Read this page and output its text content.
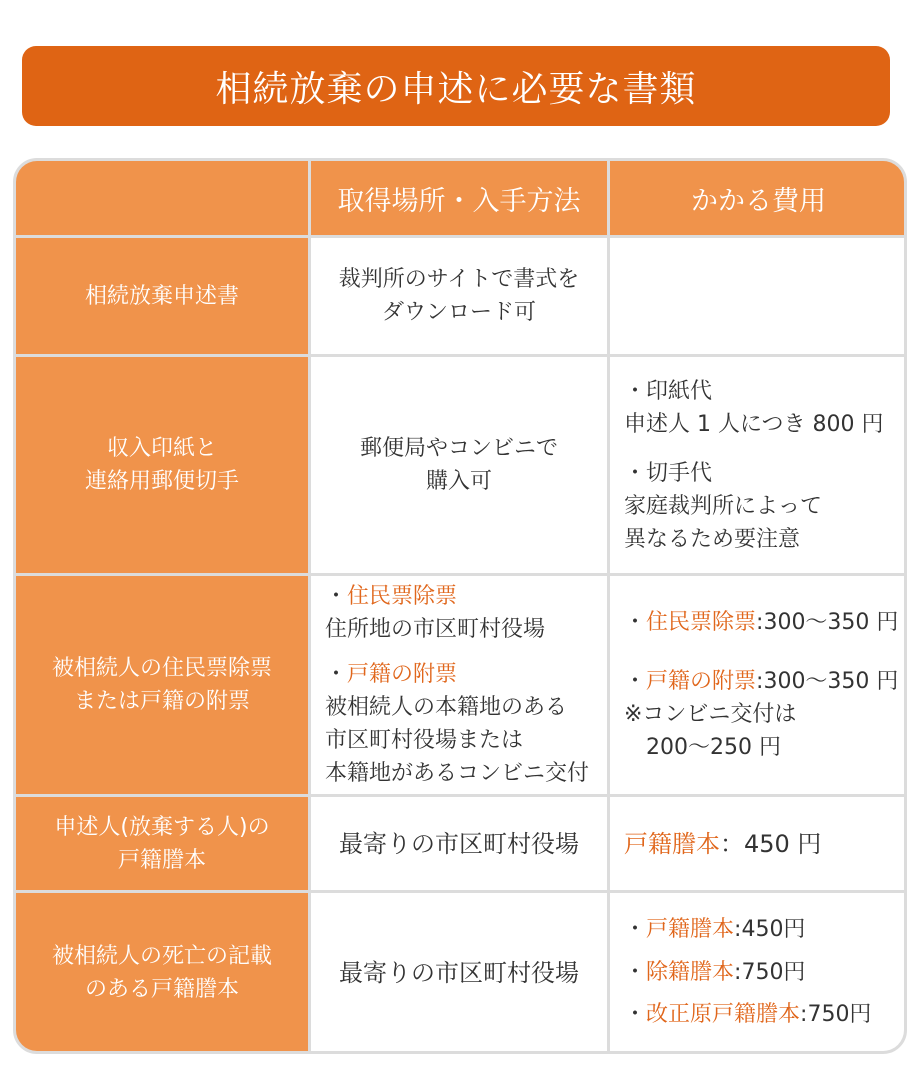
相続放棄の申述に必要な書類
取得場所・入手方法	かかる費用
相続放棄申述書
裁判所のサイトで書式を
ダウンロード可
収入印紙と
連絡用郵便切手
郵便局やコンビニで
購入可
・印紙代
申述人 1 人につき 800 円
・切手代
家庭裁判所によって
異なるため要注意
被相続人の住民票除票
または戸籍の附票
・住民票除票
住所地の市区町村役場
・戸籍の附票
被相続人の本籍地のある
市区町村役場または
本籍地があるコンビニ交付
・住民票除票:300〜350 円
・戸籍の附票:300〜350 円
※コンビニ交付は
200〜250 円
申述人(放棄する人)の
戸籍謄本
最寄りの市区町村役場 戸籍謄本：450 円
被相続人の死亡の記載
のある戸籍謄本
最寄りの市区町村役場
・戸籍謄本:450円
・除籍謄本:750円
・改正原戸籍謄本:750円
